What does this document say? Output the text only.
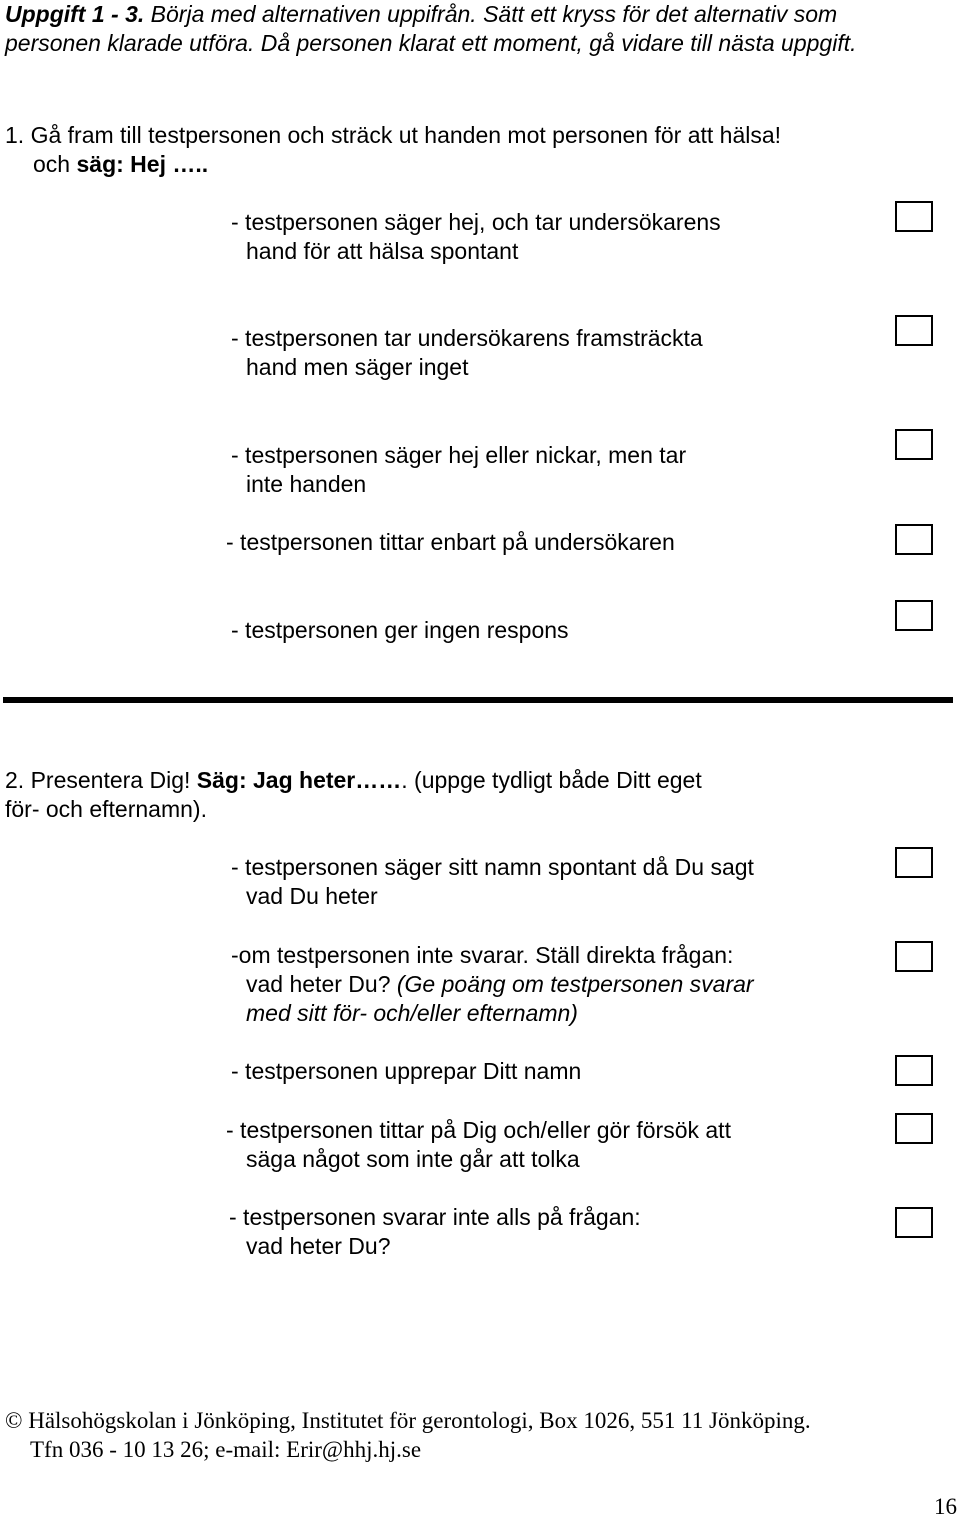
Uppgift 1 - 3. Börja med alternativen uppifrån. Sätt ett kryss för det alternativ som
personen klarade utföra. Då personen klarat ett moment, gå vidare till nästa uppgift.
1. Gå fram till testpersonen och sträck ut handen mot personen för att hälsa!
och säg: Hej …..
- testpersonen säger hej, och tar undersökarens
hand för att hälsa spontant
- testpersonen tar undersökarens framsträckta
hand men säger inget
- testpersonen säger hej eller nickar, men tar
inte handen
- testpersonen tittar enbart på undersökaren
- testpersonen ger ingen respons
2. Presentera Dig! Säg: Jag heter……. (uppge tydligt både Ditt eget
för- och efternamn).
- testpersonen säger sitt namn spontant då Du sagt
vad Du heter
-om testpersonen inte svarar. Ställ direkta frågan:
vad heter Du? (Ge poäng om testpersonen svarar
med sitt för- och/eller efternamn)
- testpersonen upprepar Ditt namn
- testpersonen tittar på Dig och/eller gör försök att
säga något som inte går att tolka
- testpersonen svarar inte alls på frågan:
vad heter Du?
© Hälsohögskolan i Jönköping, Institutet för gerontologi, Box 1026, 551 11 Jönköping.
Tfn 036 - 10 13 26; e-mail: Erir@hhj.hj.se
16
